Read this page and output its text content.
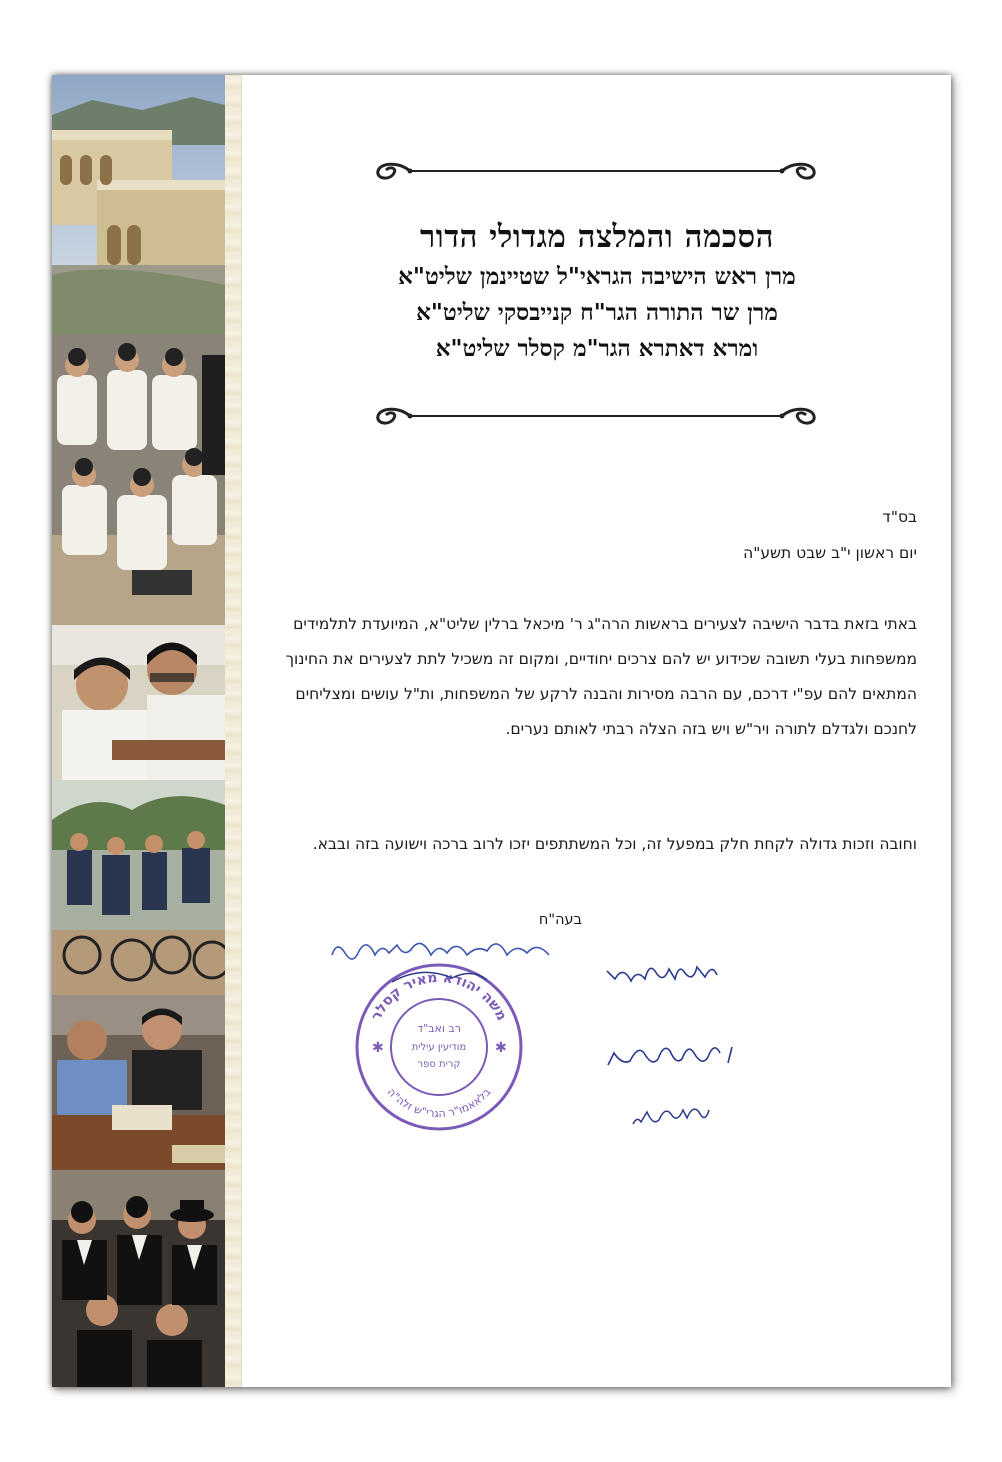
הסכמה והמלצה מגדולי הדור
מרן ראש הישיבה הגראי"ל שטיינמן שליט"א
מרן שר התורה הגר"ח קנייבסקי שליט"א
ומרא דאתרא הגר"מ קסלר שליט"א
בס"ד
יום ראשון י"ב שבט תשע"ה
באתי בזאת בדבר הישיבה לצעירים בראשות הרה"ג ר' מיכאל ברלין שליט"א, המיועדת לתלמידים ממשפחות בעלי תשובה שכידוע יש להם צרכים יחודיים, ומקום זה משכיל לתת לצעירים את החינוך המתאים להם עפ"י דרכם, עם הרבה מסירות והבנה לרקע של המשפחות, ות"ל עושים ומצליחים לחנכם ולגדלם לתורה ויר"ש ויש בזה הצלה רבתי לאותם נערים.
וחובה וזכות גדולה לקחת חלק במפעל זה, וכל המשתתפים יזכו לרוב ברכה וישועה בזה ובבא.
בעה"ח
משה יהודא מאיר קסלר
בלאאמו"ר הגרי"ש זלה"ה
רב ואב"ד
מודיעין עילית
קרית ספר
✱	✱
